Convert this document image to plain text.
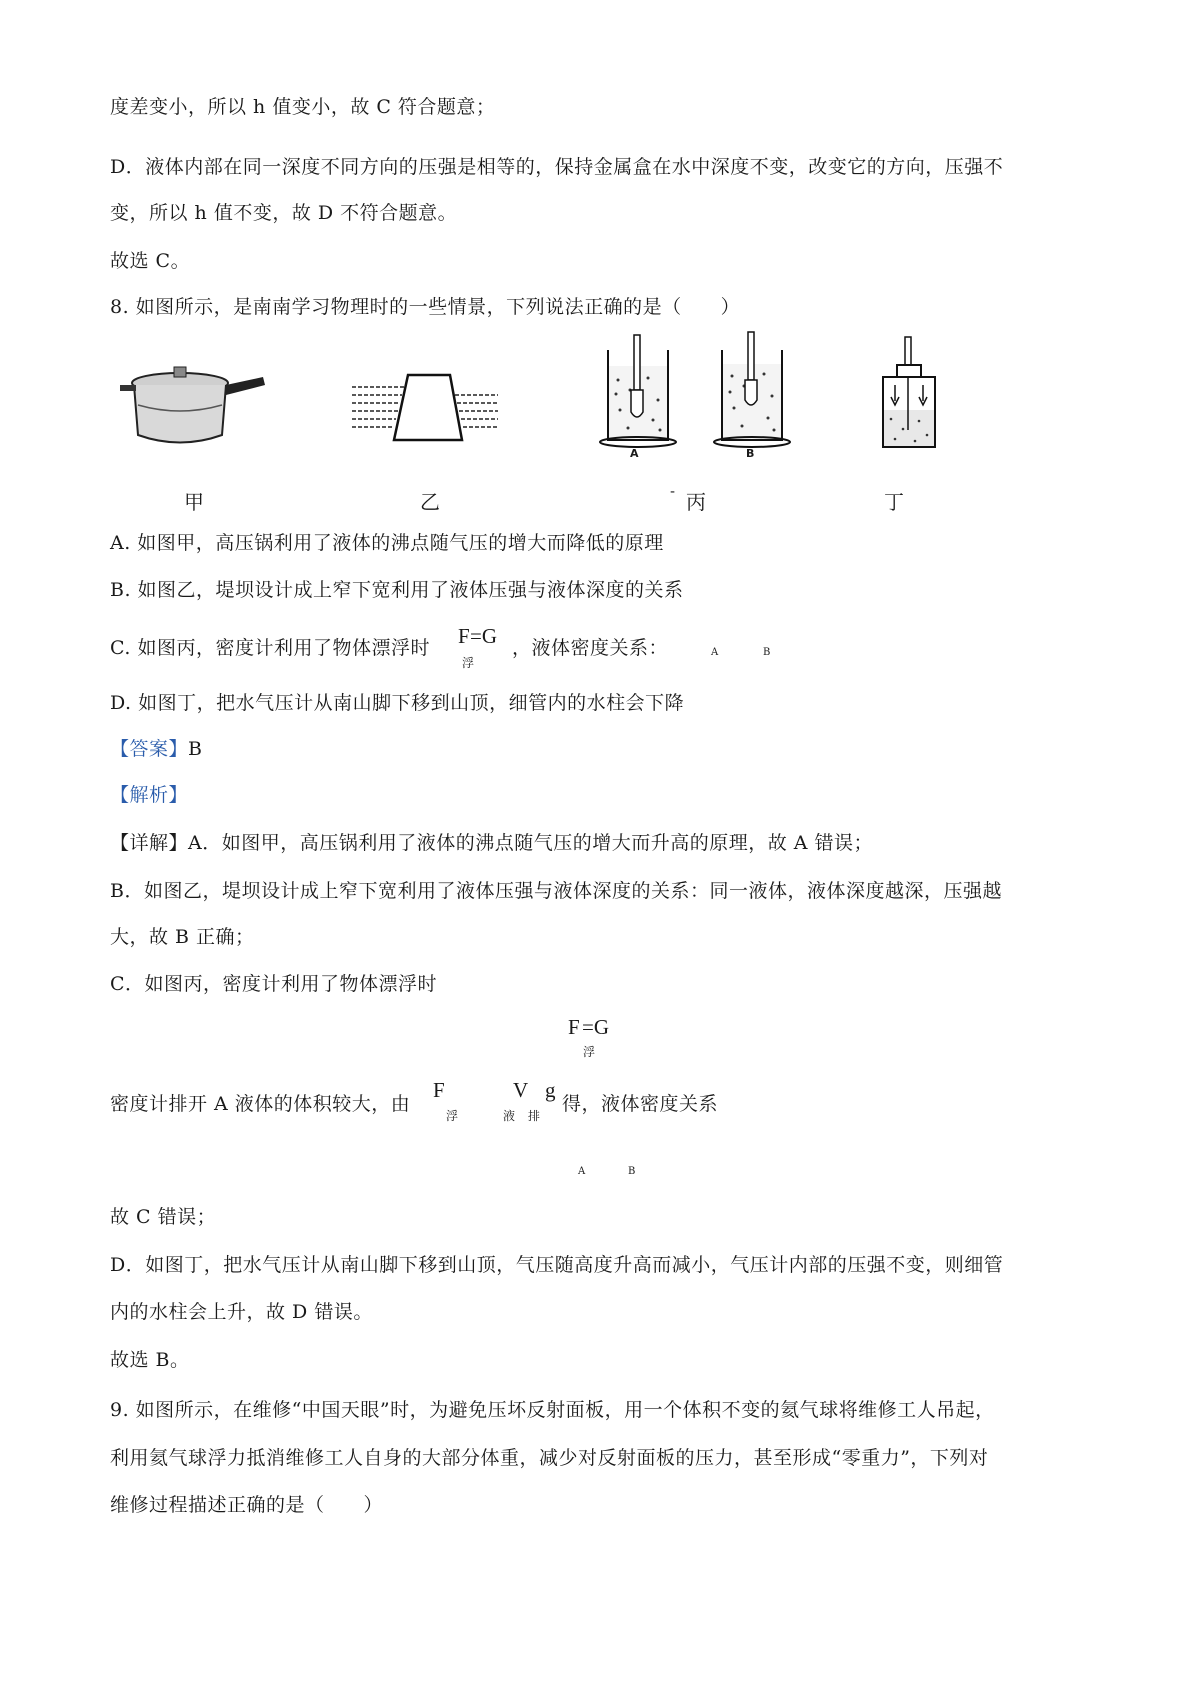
度差变小，所以 h 值变小，故 C 符合题意；
D．液体内部在同一深度不同方向的压强是相等的，保持金属盒在水中深度不变，改变它的方向，压强不
变，所以 h 值不变，故 D 不符合题意。
故选 C。
8. 如图所示，是南南学习物理时的一些情景，下列说法正确的是（　　）
A	B
甲	乙	- 丙	丁
A. 如图甲，高压锅利用了液体的沸点随气压的增大而降低的原理
B. 如图乙，堤坝设计成上窄下宽利用了液体压强与液体深度的关系
C. 如图丙，密度计利用了物体漂浮时 F
浮
=G ，液体密度关系：	A	B
D. 如图丁，把水气压计从南山脚下移到山顶，细管内的水柱会下降
【答案】B
【解析】
【详解】A．如图甲，高压锅利用了液体的沸点随气压的增大而升高的原理，故 A 错误；
B．如图乙，堤坝设计成上窄下宽利用了液体压强与液体深度的关系：同一液体，液体深度越深，压强越
大，故 B 正确；
C．如图丙，密度计利用了物体漂浮时
F
浮
=G
密度计排开 A 液体的体积较大，由
F
浮
V
液 排
g
得，液体密度关系
A	B
故 C 错误；
D．如图丁，把水气压计从南山脚下移到山顶，气压随高度升高而减小，气压计内部的压强不变，则细管
内的水柱会上升，故 D 错误。
故选 B。
9. 如图所示，在维修“中国天眼”时，为避免压坏反射面板，用一个体积不变的氦气球将维修工人吊起，
利用氦气球浮力抵消维修工人自身的大部分体重，减少对反射面板的压力，甚至形成“零重力”，下列对
维修过程描述正确的是（　　）
